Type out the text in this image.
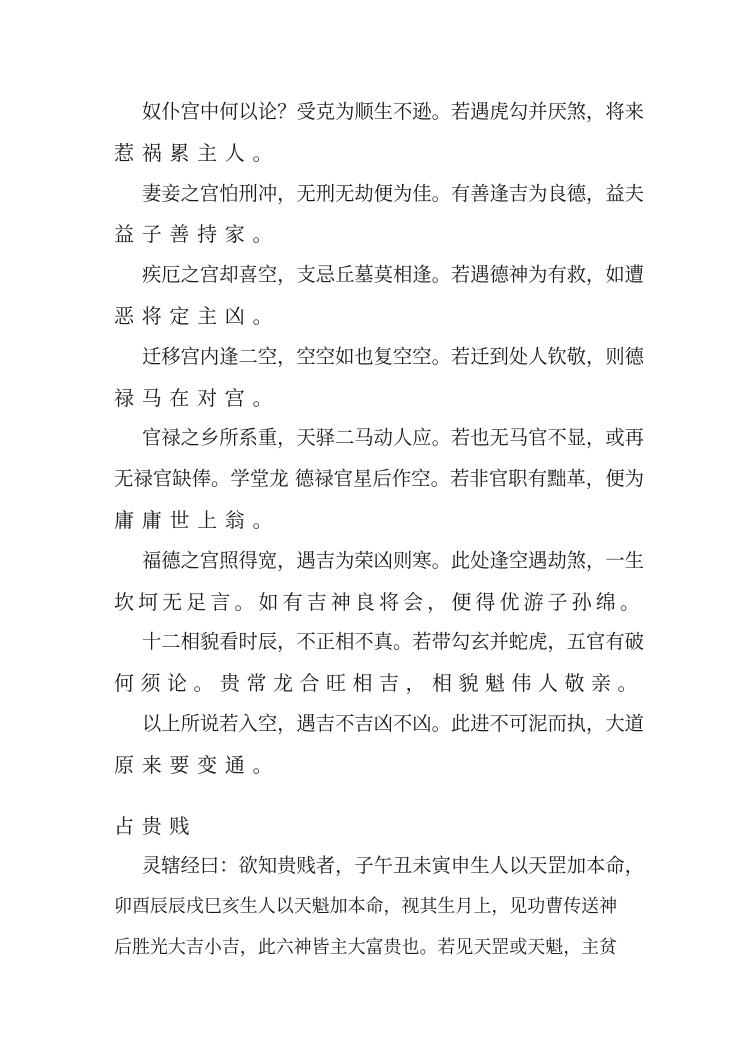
奴仆宫中何以论？受克为顺生不逊。若遇虎勾并厌煞，将来
惹祸累主人。
妻妾之宫怕刑冲，无刑无劫便为佳。有善逢吉为良德，益夫
益子善持家。
疾厄之宫却喜空，支忌丘墓莫相逢。若遇德神为有救，如遭
恶将定主凶。
迁移宫内逢二空，空空如也复空空。若迁到处人钦敬，则德
禄马在对宫。
官禄之乡所系重，天驿二马动人应。若也无马官不显，或再
无禄官缺俸。学堂龙 德禄官星后作空。若非官职有黜革，便为
庸庸世上翁。
福德之宫照得宽，遇吉为荣凶则寒。此处逢空遇劫煞，一生
坎坷无足言。如有吉神良将会，便得优游子孙绵。
十二相貌看时辰，不正相不真。若带勾玄并蛇虎，五官有破
何须论。贵常龙合旺相吉，相貌魁伟人敬亲。
以上所说若入空，遇吉不吉凶不凶。此进不可泥而执，大道
原来要变通。
占贵贱
灵辖经曰：欲知贵贱者，子午丑未寅申生人以天罡加本命，
卯酉辰辰戌巳亥生人以天魁加本命，视其生月上，见功曹传送神
后胜光大吉小吉，此六神皆主大富贵也。若见天罡或天魁，主贫
